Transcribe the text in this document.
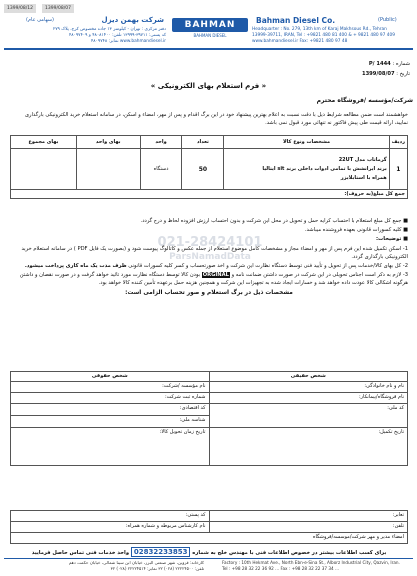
1399/08/12	1399/08/07
(سهامی عام)	شرکت بهمن دیزل	BAHMAN
BAHMAN DIESEL
Bahman Diesel Co.	(Public)
Headquarter : No. 279, 13th km of Karaj Makhsous Rd., Tehran
13999-39711, IRAN, Tel : +9821 480 81 400 & + 9821 480 97 409
www.bahmandiesel.ir Fax: +9821 480 97 48
دفتر مرکزی : تهران - کیلومتر ۱۳ جاده مخصوص کرج، پلاک ۲۷۹
کد پستی: ۳۹۷۱۱-۱۳۹۹۹ تلفن: ۴۸۰۸۱۴۰۰ و ۴۸۰۹۷۴۰۹
www.bahmandiesel.ir نمابر: ۴۸۰۹۷۴۸
شماره : P/ 1444
تاریخ : 1399/08/07
« فرم استعلام بهای الکترونیکی »
شرکت/مؤسسه /فروشگاه محترم
خواهشمند است ضمن مطالعه شرایط ذیل با دقت نسبت به اعلام بهترین پیشنهاد خود در این برگ اقدام و پس از مهر، امضاء و اسکن، در سامانه استعلام خرید الکترونیکی بارگذاری نمایید، ارائه قیمت طی پیش فاکتور نه تنهائی مورد قبول نمی باشد.
ردیف	مشخصات ونوع کالا	تعداد	واحد	بهای واحد	بهای مجموع
1	گرماتاب مدل 22UT
برند ایرانشش با تمامی ادوات داخلی برند sit ایتالیا
همراه با استابلایزر	50	دستگاه		
جمع کل مبلغ(به حروف):					
021-28424101
ParsNamadData

■ جمع کل مبلغ استعلام با احتساب کرایه حمل و تحویل در محل این شرکت و بدون احتساب ارزش افزوده لحاظ و درج گردد.

■ کلیه کسورات قانونی بعهده فروشنده میباشد.

■ توضیحات:

1- اسکن تکمیل شده این فرم پس از مهر و امضاء مجاز و مشخصات کامل موضوع استعلام از جمله عکس و کاتالوگ پیوست شود و (بصورت یک فایل PDF ) در سامانه استعلام خرید الکترونیکی بارگذاری گردد.

2- کل بهای کالا/خدمات پس از تحویل و تأیید فنی توسط دستگاه نظارت این شرکت و اخذ صورتحساب و کسر کلیه کسورات قانونی ظرف مدت یک ماه کاری پرداخت میشود.

3- لازم به ذکر است اجناس تحویلی در این شرکت در صورت داشتن ضمانت نامه و ORGINAL بودن کالا توسط دستگاه نظارت مورد تائید خواهد گرفت و در صورت نقصان و داشتن هرگونه اشکالی کالا عودت داده خواهد شد و خسارات ایجاد شده به تجهیزات این شرکت و همچنین هزینه حمل برعهده تأمین کننده کالا خواهد بود.

مشخصات ذیل در برگ استعلام و صور تحساب الزامی است:

شخص حقیقی	شخص حقوقی
نام و نام خانوادگی:	نام مؤسسه /شرکت:
نام فروشگاه/پیمانکار:	شماره ثبت شرکت:
کد ملی:	کد اقتصادی:
	شناسه ملی:
تاریخ تکمیل:	تاریخ زمان تحویل کالا:
تعابر:	کد پستی:
تلفن:	نام کارشناس مربوطه و شماره همراه:
امضاء مدیر و مهر شرکت/موسسه/فروشگاه	
برای کسب اطلاعات بیشتر در خصوص اطلاعات فنی با مهندس خلج به شماره 02832233853 واحد خدمات فنی تماس حاصل فرمایید
Factory : 10th Hekmat Ave., North Ebn-e-Sina St., Alborz Industrial City, Qazvin, Iran.
Tel : +98 28 32 22 36 92 ... Fax : +98 28 32 22 37 34 ...
کارخانه: قزوین، شهر صنعتی البرز، خیابان ابن سینا شمالی، خیابان حکمت دهم
تلفن: ۲۲۲۲۴۵۰۰ (۰۲۸) ۳۲ نمابر: ۲۲۲۲۴۵۱۴ (۰۲۸) ۳۲
